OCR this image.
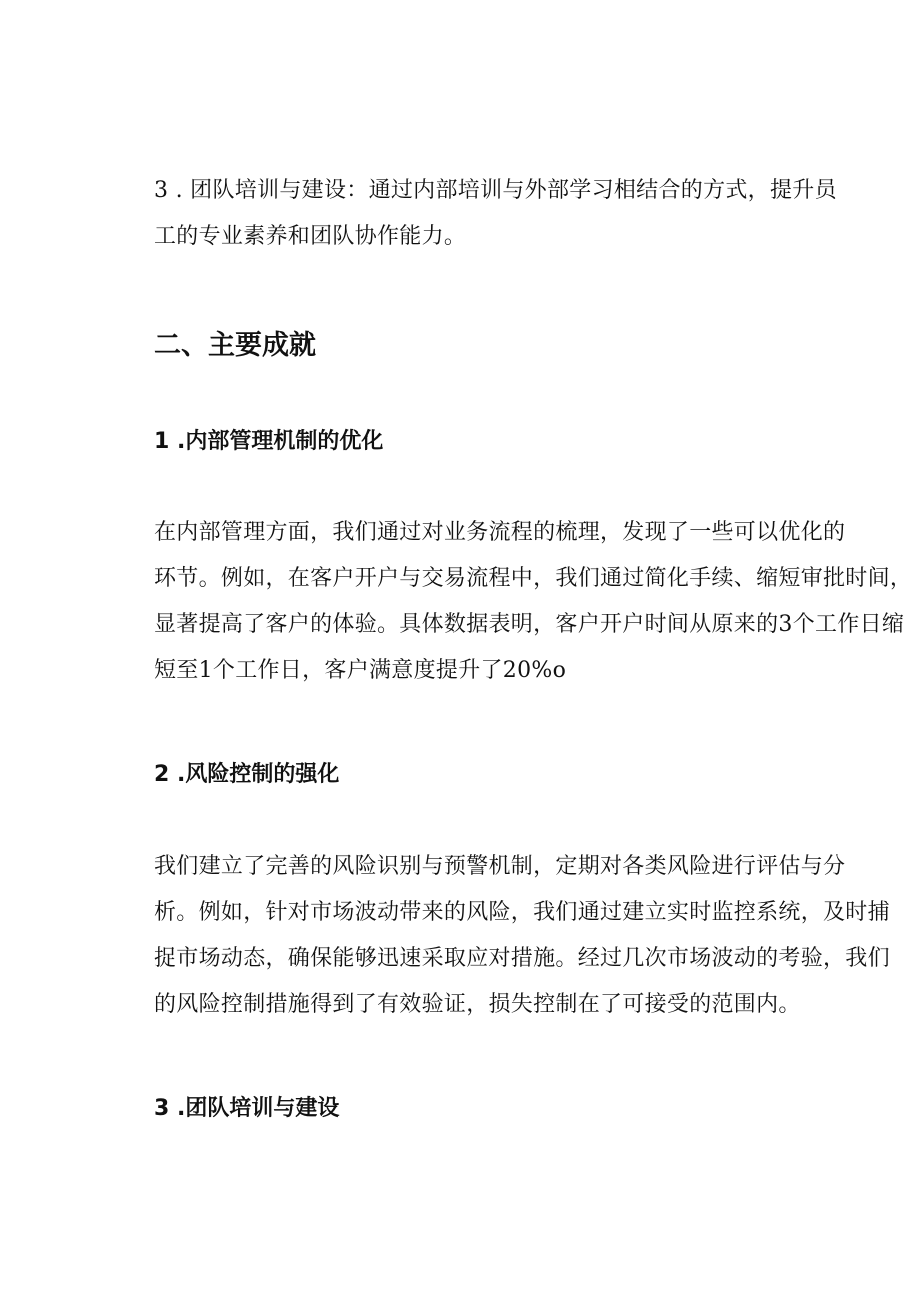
3 . 团队培训与建设：通过内部培训与外部学习相结合的方式，提升员
工的专业素养和团队协作能力。

二、主要成就
1 .内部管理机制的优化

在内部管理方面，我们通过对业务流程的梳理，发现了一些可以优化的
环节。例如，在客户开户与交易流程中，我们通过简化手续、缩短审批时间，
显著提高了客户的体验。具体数据表明，客户开户时间从原来的3个工作日缩
短至1个工作日，客户满意度提升了20%o

2 .风险控制的强化

我们建立了完善的风险识别与预警机制，定期对各类风险进行评估与分
析。例如，针对市场波动带来的风险，我们通过建立实时监控系统，及时捕
捉市场动态，确保能够迅速采取应对措施。经过几次市场波动的考验，我们
的风险控制措施得到了有效验证，损失控制在了可接受的范围内。

3 .团队培训与建设
